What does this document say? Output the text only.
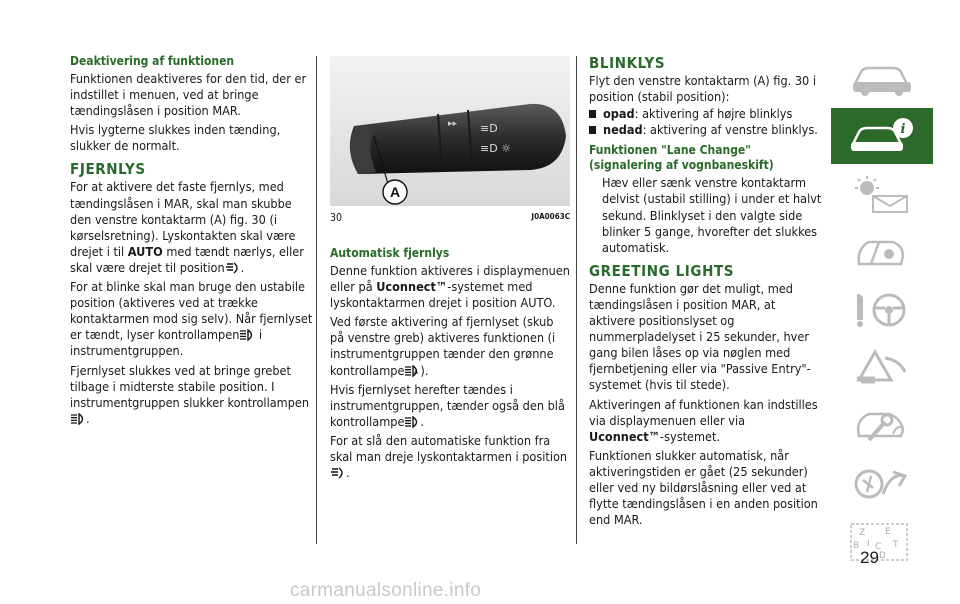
Deaktivering af funktionen

Funktionen deaktiveres for den tid, der er indstillet i menuen, ved at bringe tændingslåsen i position MAR.

Hvis lygterne slukkes inden tænding, slukker de normalt.

FJERNLYS

For at aktivere det faste fjernlys, med tændingslåsen i MAR, skal man skubbe den venstre kontaktarm (A) fig. 30 (i kørselsretning). Lyskontakten skal være drejet i til AUTO med tændt nærlys, eller skal være drejet til position .

For at blinke skal man bruge den ustabile position (aktiveres ved at trække kontaktarmen mod sig selv). Når fjernlyset er tændt, lyser kontrollampen i instrumentgruppen.

Fjernlyset slukkes ved at bringe grebet tilbage i midterste stabile position. I instrumentgruppen slukker kontrollampen.

≡D
≡D ☼
▸▸
A
30	J0A0063C
Automatisk fjernlys

Denne funktion aktiveres i displaymenuen eller på Uconnect™-systemet med lyskontaktarmen drejet i position AUTO.

Ved første aktivering af fjernlyset (skub på venstre greb) aktiveres funktionen (i instrumentgruppen tænder den grønne kontrollampe A ).

Hvis fjernlyset herefter tændes i instrumentgruppen, tænder også den blå kontrollampe .

For at slå den automatiske funktion fra skal man dreje lyskontaktarmen i position.

BLINKLYS

Flyt den venstre kontaktarm (A) fig. 30 i position (stabil position):

opad: aktivering af højre blinklys
nedad: aktivering af venstre blinklys.
Funktionen "Lane Change" (signalering af vognbaneskift)

Hæv eller sænk venstre kontaktarm delvist (ustabil stilling) i under et halvt sekund. Blinklyset i den valgte side blinker 5 gange, hvorefter det slukkes automatisk.

GREETING LIGHTS

Denne funktion gør det muligt, med tændingslåsen i position MAR, at aktivere positionslyset og nummerpladelyset i 25 sekunder, hver gang bilen låses op via nøglen med fjernbetjening eller via "Passive Entry"-systemet (hvis til stede).

Aktiveringen af funktionen kan indstilles via displaymenuen eller via Uconnect™-systemet.

Funktionen slukker automatisk, når aktiveringstiden er gået (25 sekunder) eller ved ny bildørslåsning eller ved at flytte tændingslåsen i en anden position end MAR.

i
Z E
B I C T
D
29
carmanualsonline.info
